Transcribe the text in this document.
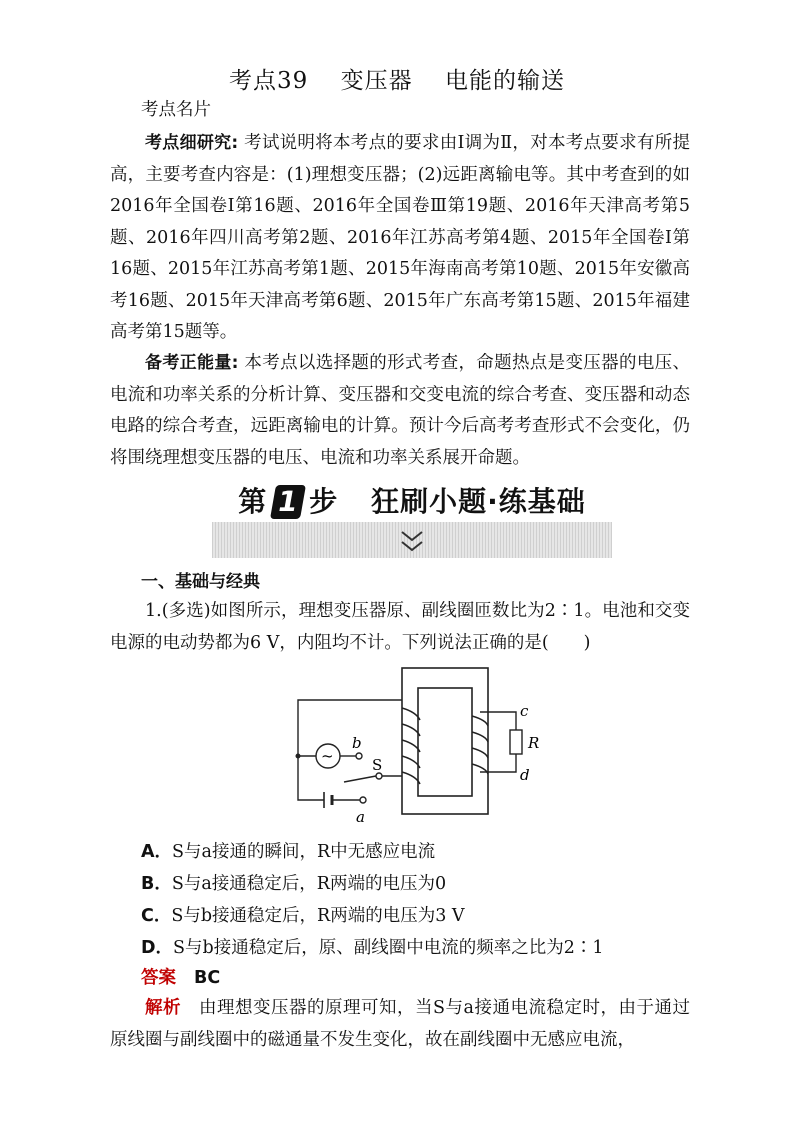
考点39 变压器 电能的输送
考点名片
考点细研究: 考试说明将本考点的要求由Ⅰ调为Ⅱ，对本考点要求有所提高，主要考查内容是：(1)理想变压器；(2)远距离输电等。其中考查到的如2016年全国卷Ⅰ第16题、2016年全国卷Ⅲ第19题、2016年天津高考第5题、2016年四川高考第2题、2016年江苏高考第4题、2015年全国卷Ⅰ第16题、2015年江苏高考第1题、2015年海南高考第10题、2015年安徽高考16题、2015年天津高考第6题、2015年广东高考第15题、2015年福建高考第15题等。
备考正能量: 本考点以选择题的形式考查，命题热点是变压器的电压、电流和功率关系的分析计算、变压器和交变电流的综合考查、变压器和动态电路的综合考查，远距离输电的计算。预计今后高考考查形式不会变化，仍将围绕理想变压器的电压、电流和功率关系展开命题。
第 1 步 狂刷小题·练基础
一、基础与经典
1.(多选)如图所示，理想变压器原、副线圈匝数比为2∶1。电池和交变电源的电动势都为6 V，内阻均不计。下列说法正确的是(　　)
~
b
S
a
c
R
d
A．S与a接通的瞬间，R中无感应电流
B．S与a接通稳定后，R两端的电压为0
C．S与b接通稳定后，R两端的电压为3 V
D．S与b接通稳定后，原、副线圈中电流的频率之比为2∶1
答案 BC
解析　由理想变压器的原理可知，当S与a接通电流稳定时，由于通过原线圈与副线圈中的磁通量不发生变化，故在副线圈中无感应电流，
